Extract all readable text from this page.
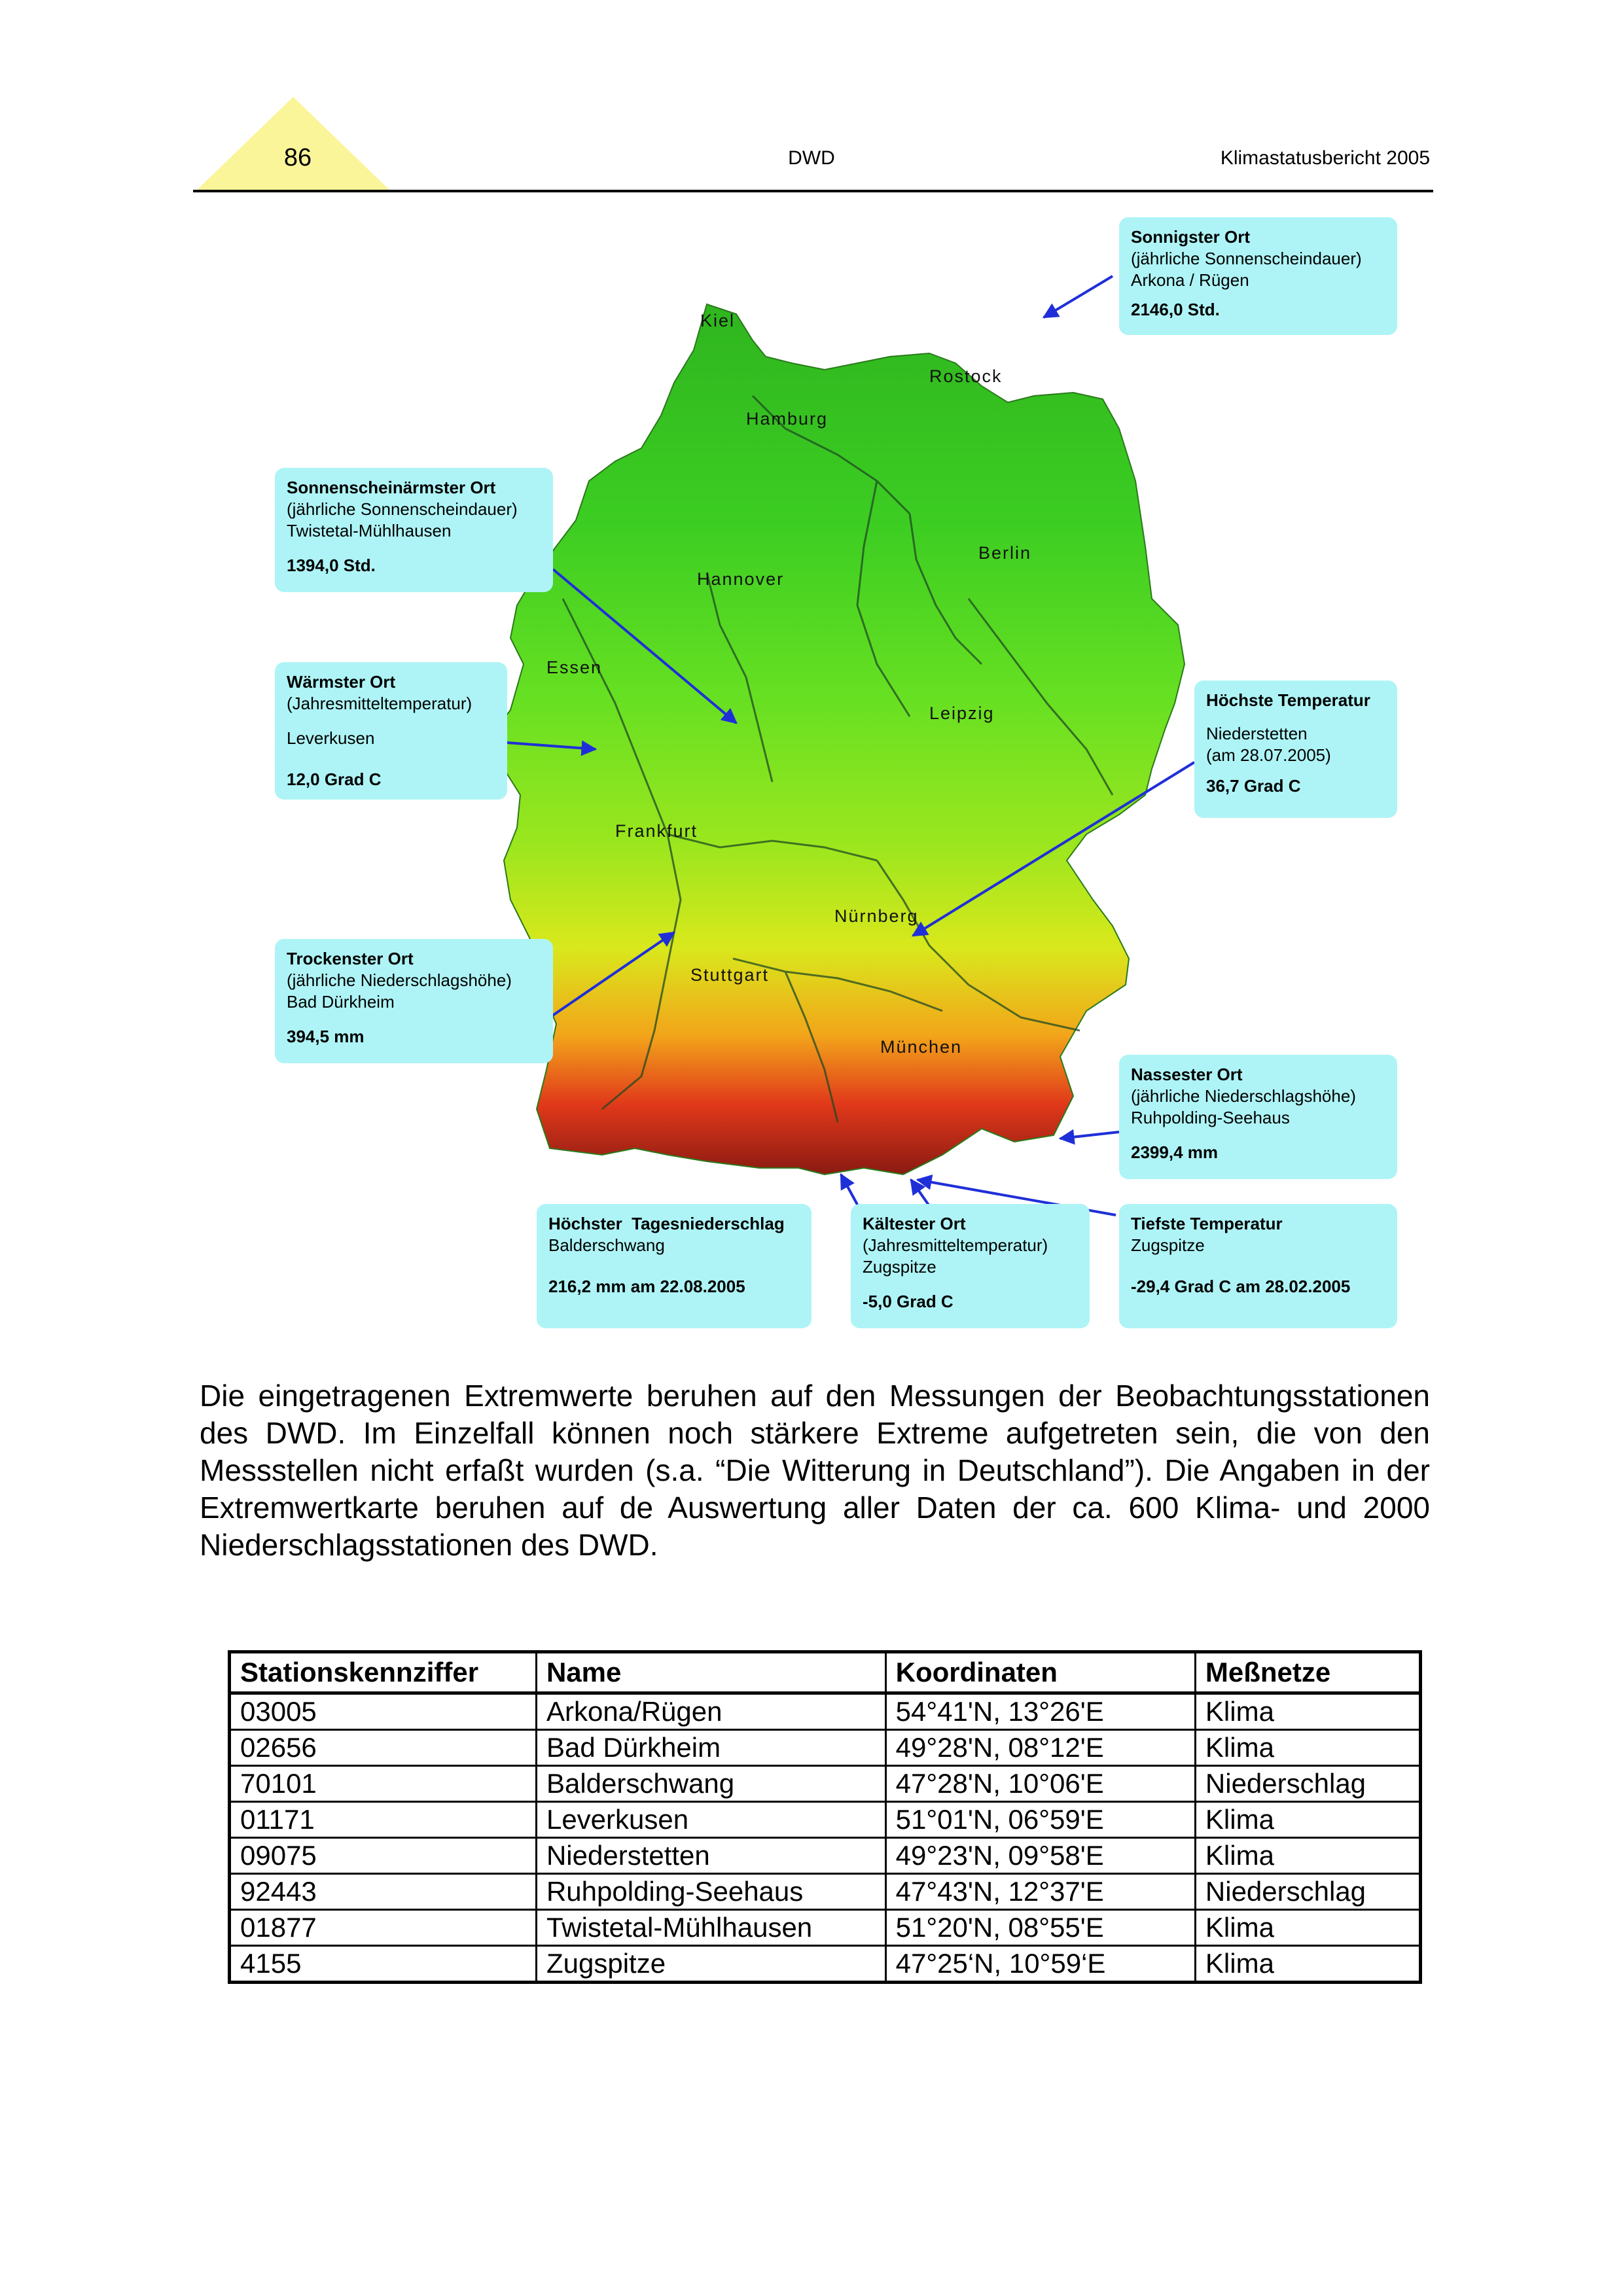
86	DWD	Klimastatusbericht 2005
Kiel
Rostock
Hamburg
Berlin
Hannover
Essen
Leipzig
Frankfurt
Nürnberg
Stuttgart
München
Sonnigster Ort
(jährliche Sonnenscheindauer)
Arkona / Rügen
2146,0 Std.
Sonnenscheinärmster Ort
(jährliche Sonnenscheindauer)
Twistetal-Mühlhausen
1394,0 Std.
Wärmster Ort
(Jahresmitteltemperatur)
Leverkusen
12,0 Grad C
Höchste Temperatur
Niederstetten
(am 28.07.2005)
36,7 Grad C
Trockenster Ort
(jährliche Niederschlagshöhe)
Bad Dürkheim
394,5 mm
Nassester Ort
(jährliche Niederschlagshöhe)
Ruhpolding-Seehaus
2399,4 mm
Höchster  Tagesniederschlag
Balderschwang
216,2 mm am 22.08.2005
Kältester Ort
(Jahresmitteltemperatur)
Zugspitze
-5,0 Grad C
Tiefste Temperatur
Zugspitze
-29,4 Grad C am 28.02.2005
Die eingetragenen Extremwerte beruhen auf den Messungen der Beobachtungsstationen des DWD. Im Einzelfall können noch stärkere Extreme aufgetreten sein, die von den Messstellen nicht erfaßt wurden (s.a. “Die Witterung in Deutschland”). Die Angaben in der Extremwertkarte beruhen auf de Auswertung aller Daten der ca. 600 Klima- und 2000 Niederschlagsstationen des DWD.
Stationskennziffer	Name	Koordinaten	Meßnetze
03005	Arkona/Rügen	54°41'N, 13°26'E	Klima
02656	Bad Dürkheim	49°28'N, 08°12'E	Klima
70101	Balderschwang	47°28'N, 10°06'E	Niederschlag
01171	Leverkusen	51°01'N, 06°59'E	Klima
09075	Niederstetten	49°23'N, 09°58'E	Klima
92443	Ruhpolding-Seehaus	47°43'N, 12°37'E	Niederschlag
01877	Twistetal-Mühlhausen	51°20'N, 08°55'E	Klima
4155	Zugspitze	47°25‘N, 10°59‘E	Klima
